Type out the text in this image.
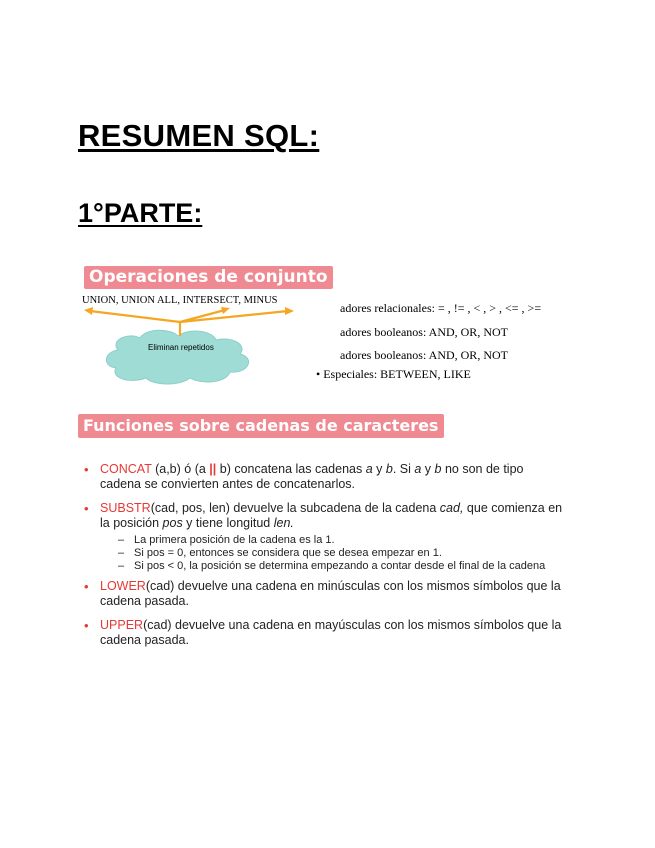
RESUMEN SQL:
1°PARTE:
Operaciones de conjunto
UNION, UNION ALL, INTERSECT, MINUS
Eliminan repetidos
adores relacionales: = , != , < , > , <= , >=
adores booleanos: AND, OR, NOT
adores booleanos: AND, OR, NOT
• Especiales: BETWEEN, LIKE
Funciones sobre cadenas de caracteres
• CONCAT (a,b) ó (a || b) concatena las cadenas a y b. Si a y b no son de tipo cadena se convierten antes de concatenarlos.
• SUBSTR(cad, pos, len) devuelve la subcadena de la cadena cad, que comienza en la posición pos y tiene longitud len.
– La primera posición de la cadena es la 1.
– Si pos = 0, entonces se considera que se desea empezar en 1.
– Si pos < 0, la posición se determina empezando a contar desde el final de la cadena
• LOWER(cad) devuelve una cadena en minúsculas con los mismos símbolos que la cadena pasada.
• UPPER(cad) devuelve una cadena en mayúsculas con los mismos símbolos que la cadena pasada.
